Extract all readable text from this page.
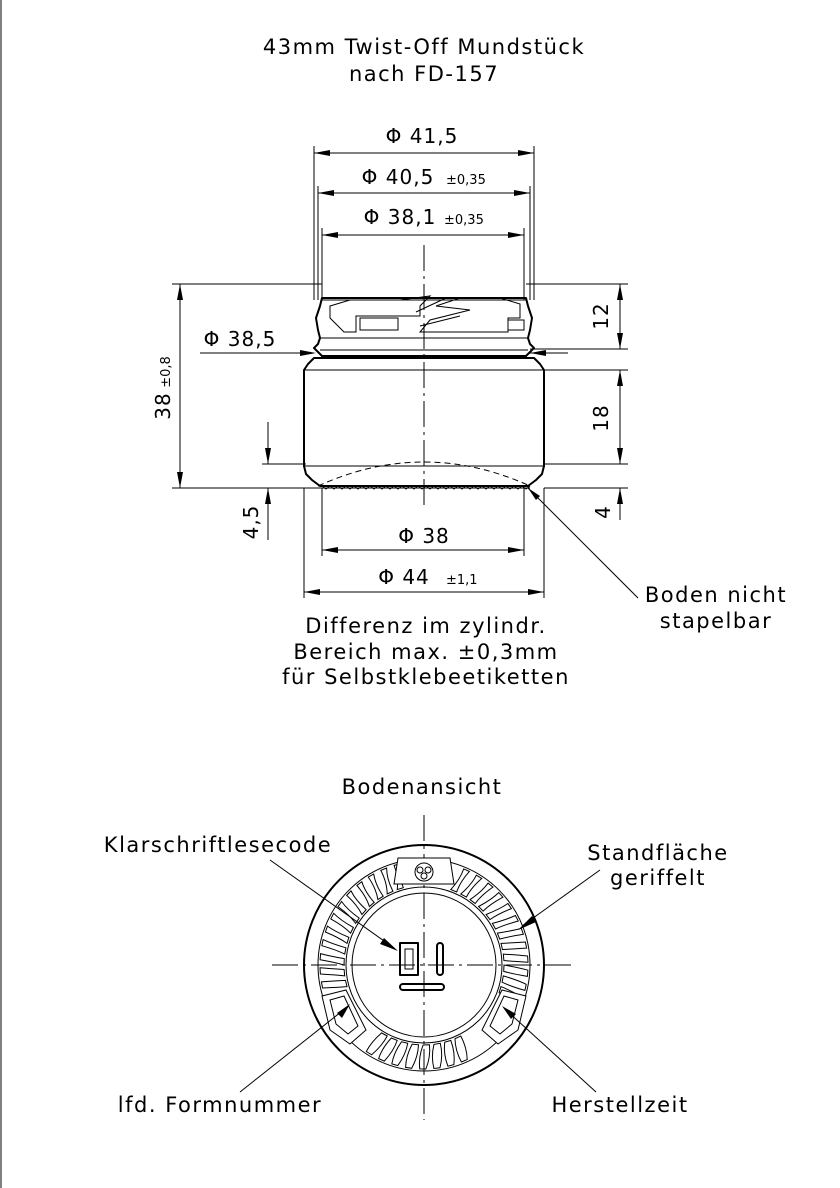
43mm Twist-Off Mundstück
nach FD-157
Φ 41,5
Φ 40,5 ±0,35
Φ 38,1 ±0,35
Φ 38,5
38
±0,8
4,5
12
18
4
Φ 38
Φ 44 ±1,1
Boden nicht
stapelbar
Differenz im zylindr.
Bereich max. ±0,3mm
für Selbstklebeetiketten
Bodenansicht
Klarschriftlesecode	Standfläche
geriffelt
lfd. Formnummer	Herstellzeit
